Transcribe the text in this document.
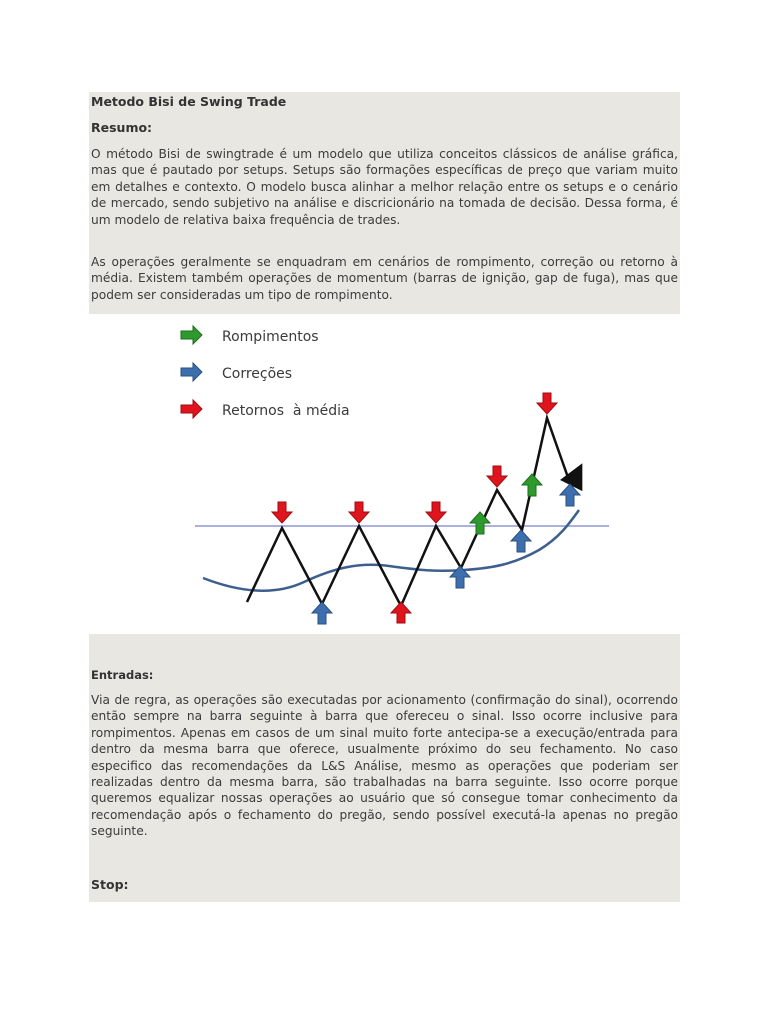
Metodo Bisi de Swing Trade

Resumo:

O método Bisi de swingtrade é um modelo que utiliza conceitos clássicos de análise gráfica, mas que é pautado por setups. Setups são formações específicas de preço que variam muito em detalhes e contexto. O modelo busca alinhar a melhor relação entre os setups e o cenário de mercado, sendo subjetivo na análise e discricionário na tomada de decisão. Dessa forma, é um modelo de relativa baixa frequência de trades.

As operações geralmente se enquadram em cenários de rompimento, correção ou retorno à média. Existem também operações de momentum (barras de ignição, gap de fuga), mas que podem ser consideradas um tipo de rompimento.

Rompimentos
Correções
Retornos  à média

Entradas:

Via de regra, as operações são executadas por acionamento (confirmação do sinal), ocorrendo então sempre na barra seguinte à barra que ofereceu o sinal. Isso ocorre inclusive para rompimentos. Apenas em casos de um sinal muito forte antecipa-se a execução/entrada para dentro da mesma barra que oferece, usualmente próximo do seu fechamento. No caso especifico das recomendações da L&S Análise, mesmo as operações que poderiam ser realizadas dentro da mesma barra, são trabalhadas na barra seguinte. Isso ocorre porque queremos equalizar nossas operações ao usuário que só consegue tomar conhecimento da recomendação após o fechamento do pregão, sendo possível executá-la apenas no pregão seguinte.

Stop:
